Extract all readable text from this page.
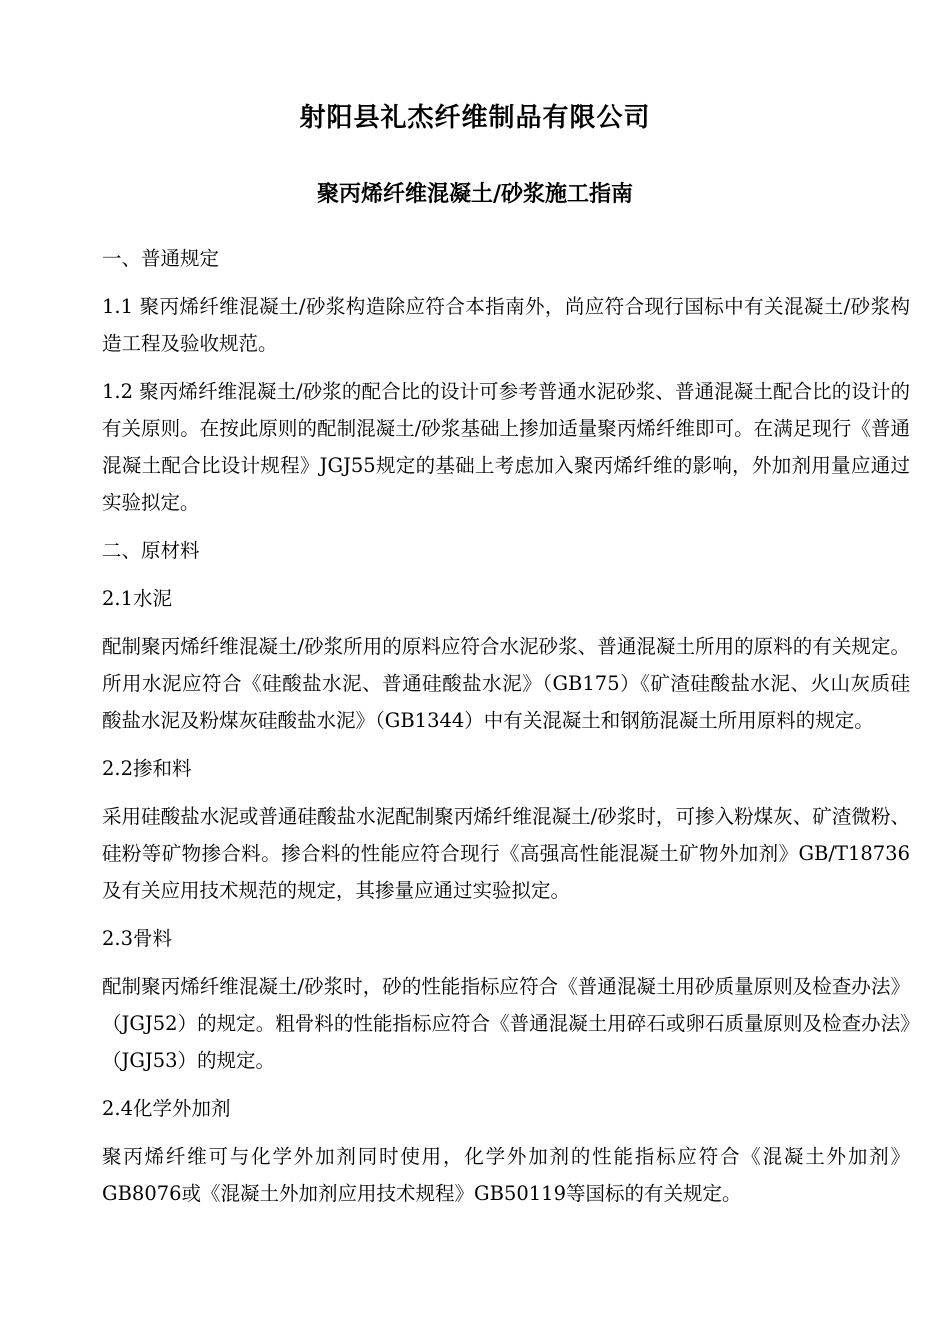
射阳县礼杰纤维制品有限公司
聚丙烯纤维混凝土/砂浆施工指南

一、普通规定

1.1 聚丙烯纤维混凝土/砂浆构造除应符合本指南外，尚应符合现行国标中有关混凝土/砂浆构造工程及验收规范。

1.2 聚丙烯纤维混凝土/砂浆的配合比的设计可参考普通水泥砂浆、普通混凝土配合比的设计的有关原则。在按此原则的配制混凝土/砂浆基础上掺加适量聚丙烯纤维即可。在满足现行《普通混凝土配合比设计规程》JGJ55规定的基础上考虑加入聚丙烯纤维的影响，外加剂用量应通过实验拟定。

二、原材料

2.1水泥

配制聚丙烯纤维混凝土/砂浆所用的原料应符合水泥砂浆、普通混凝土所用的原料的有关规定。所用水泥应符合《硅酸盐水泥、普通硅酸盐水泥》（GB175）《矿渣硅酸盐水泥、火山灰质硅酸盐水泥及粉煤灰硅酸盐水泥》（GB1344）中有关混凝土和钢筋混凝土所用原料的规定。

2.2掺和料

采用硅酸盐水泥或普通硅酸盐水泥配制聚丙烯纤维混凝土/砂浆时，可掺入粉煤灰、矿渣微粉、硅粉等矿物掺合料。掺合料的性能应符合现行《高强高性能混凝土矿物外加剂》GB/T18736及有关应用技术规范的规定，其掺量应通过实验拟定。

2.3骨料

配制聚丙烯纤维混凝土/砂浆时，砂的性能指标应符合《普通混凝土用砂质量原则及检查办法》（JGJ52）的规定。粗骨料的性能指标应符合《普通混凝土用碎石或卵石质量原则及检查办法》（JGJ53）的规定。

2.4化学外加剂

聚丙烯纤维可与化学外加剂同时使用，化学外加剂的性能指标应符合《混凝土外加剂》GB8076或《混凝土外加剂应用技术规程》GB50119等国标的有关规定。
